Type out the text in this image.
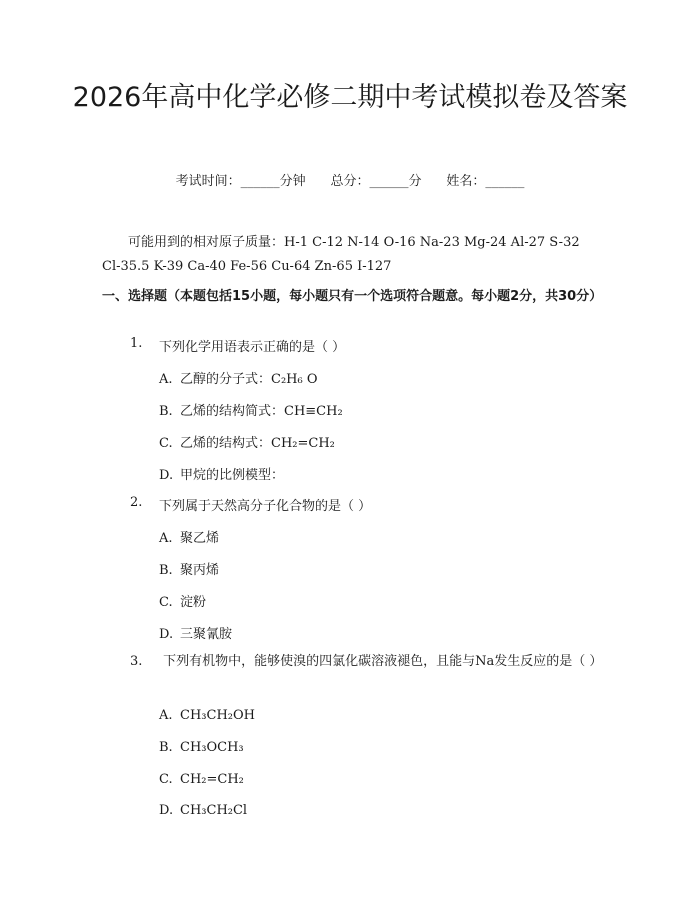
2026年高中化学必修二期中考试模拟卷及答案
考试时间：______分钟 总分：______分 姓名：______
可能用到的相对原子质量：H-1 C-12 N-14 O-16 Na-23 Mg-24 Al-27 S-32
Cl-35.5 K-39 Ca-40 Fe-56 Cu-64 Zn-65 I-127
一、选择题（本题包括15小题，每小题只有一个选项符合题意。每小题2分，共30分）
1. 下列化学用语表示正确的是（ ）
A. 乙醇的分子式：C₂H₆ O
B. 乙烯的结构简式：CH≡CH₂
C. 乙烯的结构式：CH₂=CH₂
D. 甲烷的比例模型：
2. 下列属于天然高分子化合物的是（ ）
A. 聚乙烯
B. 聚丙烯
C. 淀粉
D. 三聚氰胺
3. 下列有机物中，能够使溴的四氯化碳溶液褪色，且能与Na发生反应的是（ ）
A. CH₃CH₂OH
B. CH₃OCH₃
C. CH₂=CH₂
D. CH₃CH₂Cl
